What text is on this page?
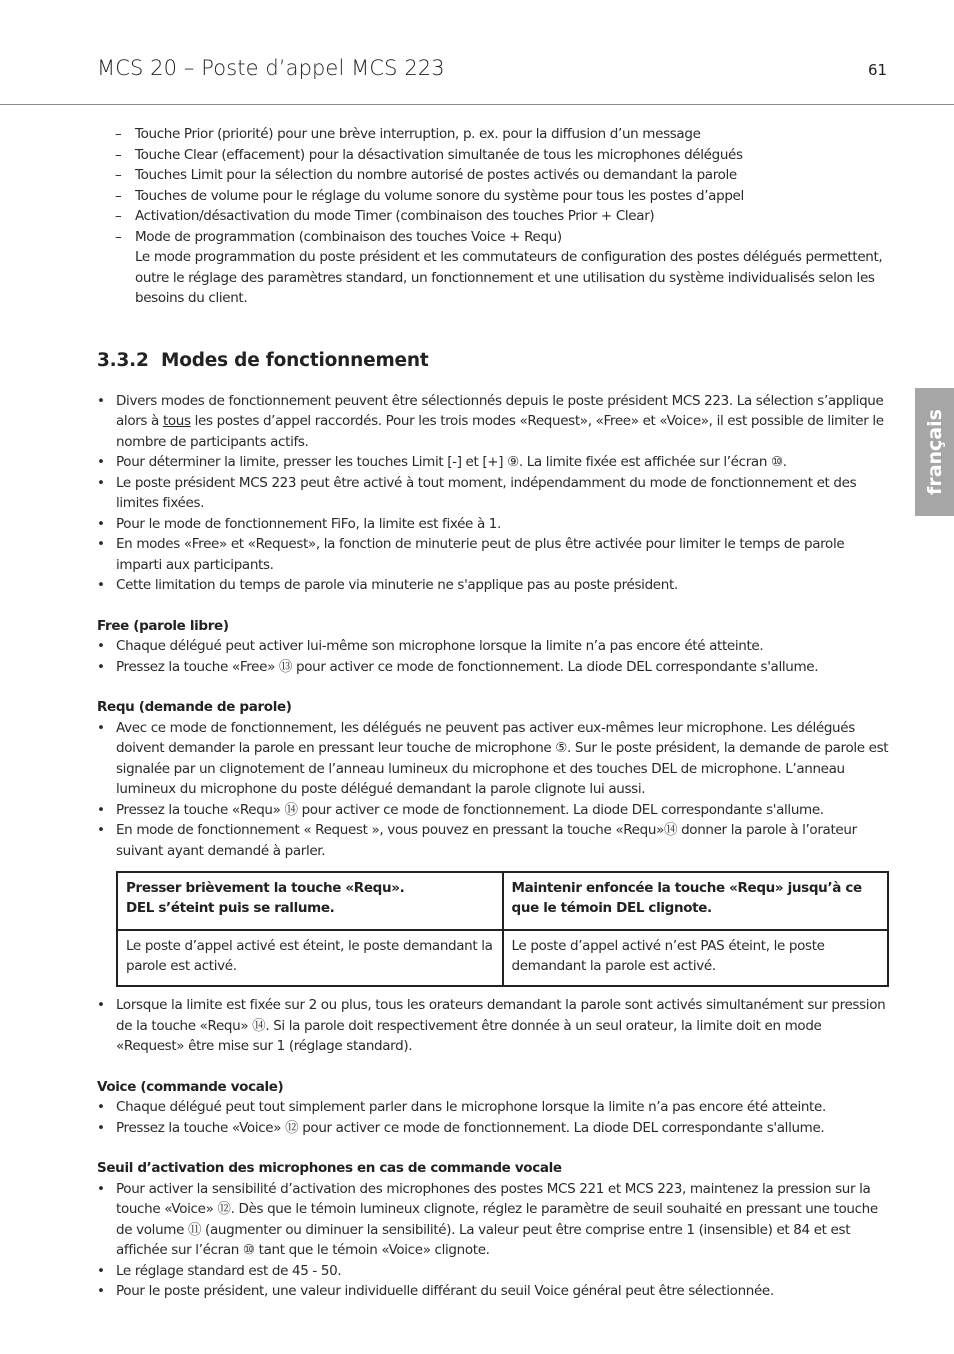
MCS 20 – Poste d’appel MCS 223	61
français
– Touche Prior (priorité) pour une brève interruption, p. ex. pour la diffusion d’un message
– Touche Clear (effacement) pour la désactivation simultanée de tous les microphones délégués
– Touches Limit pour la sélection du nombre autorisé de postes activés ou demandant la parole
– Touches de volume pour le réglage du volume sonore du système pour tous les postes d’appel
– Activation/désactivation du mode Timer (combinaison des touches Prior + Clear)
– Mode de programmation (combinaison des touches Voice + Requ)
Le mode programmation du poste président et les commutateurs de configuration des postes délégués permettent, outre le réglage des paramètres standard, un fonctionnement et une utilisation du système individualisés selon les besoins du client.
3.3.2 Modes de fonctionnement
• Divers modes de fonctionnement peuvent être sélectionnés depuis le poste président MCS 223. La sélection s’applique alors à tous les postes d’appel raccordés. Pour les trois modes «Request», «Free» et «Voice», il est possible de limiter le nombre de participants actifs.
• Pour déterminer la limite, presser les touches Limit [-] et [+] ⑨. La limite fixée est affichée sur l’écran ⑩.
• Le poste président MCS 223 peut être activé à tout moment, indépendamment du mode de fonctionnement et des limites fixées.
• Pour le mode de fonctionnement FiFo, la limite est fixée à 1.
• En modes «Free» et «Request», la fonction de minuterie peut de plus être activée pour limiter le temps de parole imparti aux participants.
• Cette limitation du temps de parole via minuterie ne s'applique pas au poste président.
Free (parole libre)
• Chaque délégué peut activer lui-même son microphone lorsque la limite n’a pas encore été atteinte.
• Pressez la touche «Free» ⑬ pour activer ce mode de fonctionnement. La diode DEL correspondante s'allume.
Requ (demande de parole)
• Avec ce mode de fonctionnement, les délégués ne peuvent pas activer eux-mêmes leur microphone. Les délégués doivent demander la parole en pressant leur touche de microphone ⑤. Sur le poste président, la demande de parole est signalée par un clignotement de l’anneau lumineux du microphone et des touches DEL de microphone. L’anneau lumineux du microphone du poste délégué demandant la parole clignote lui aussi.
• Pressez la touche «Requ» ⑭ pour activer ce mode de fonctionnement. La diode DEL correspondante s'allume.
• En mode de fonctionnement « Request », vous pouvez en pressant la touche «Requ»⑭ donner la parole à l’orateur suivant ayant demandé à parler.
Presser brièvement la touche «Requ».
DEL s’éteint puis se rallume.	Maintenir enfoncée la touche «Requ» jusqu’à ce que le témoin DEL clignote.
Le poste d’appel activé est éteint, le poste demandant la parole est activé.	Le poste d’appel activé n’est PAS éteint, le poste demandant la parole est activé.
• Lorsque la limite est fixée sur 2 ou plus, tous les orateurs demandant la parole sont activés simultanément sur pression de la touche «Requ» ⑭. Si la parole doit respectivement être donnée à un seul orateur, la limite doit en mode «Request» être mise sur 1 (réglage standard).
Voice (commande vocale)
• Chaque délégué peut tout simplement parler dans le microphone lorsque la limite n’a pas encore été atteinte.
• Pressez la touche «Voice» ⑫ pour activer ce mode de fonctionnement. La diode DEL correspondante s'allume.
Seuil d’activation des microphones en cas de commande vocale
• Pour activer la sensibilité d’activation des microphones des postes MCS 221 et MCS 223, maintenez la pression sur la touche «Voice» ⑫. Dès que le témoin lumineux clignote, réglez le paramètre de seuil souhaité en pressant une touche de volume ⑪ (augmenter ou diminuer la sensibilité). La valeur peut être comprise entre 1 (insensible) et 84 et est affichée sur l’écran ⑩ tant que le témoin «Voice» clignote.
• Le réglage standard est de 45 - 50.
• Pour le poste président, une valeur individuelle différant du seuil Voice général peut être sélectionnée.
